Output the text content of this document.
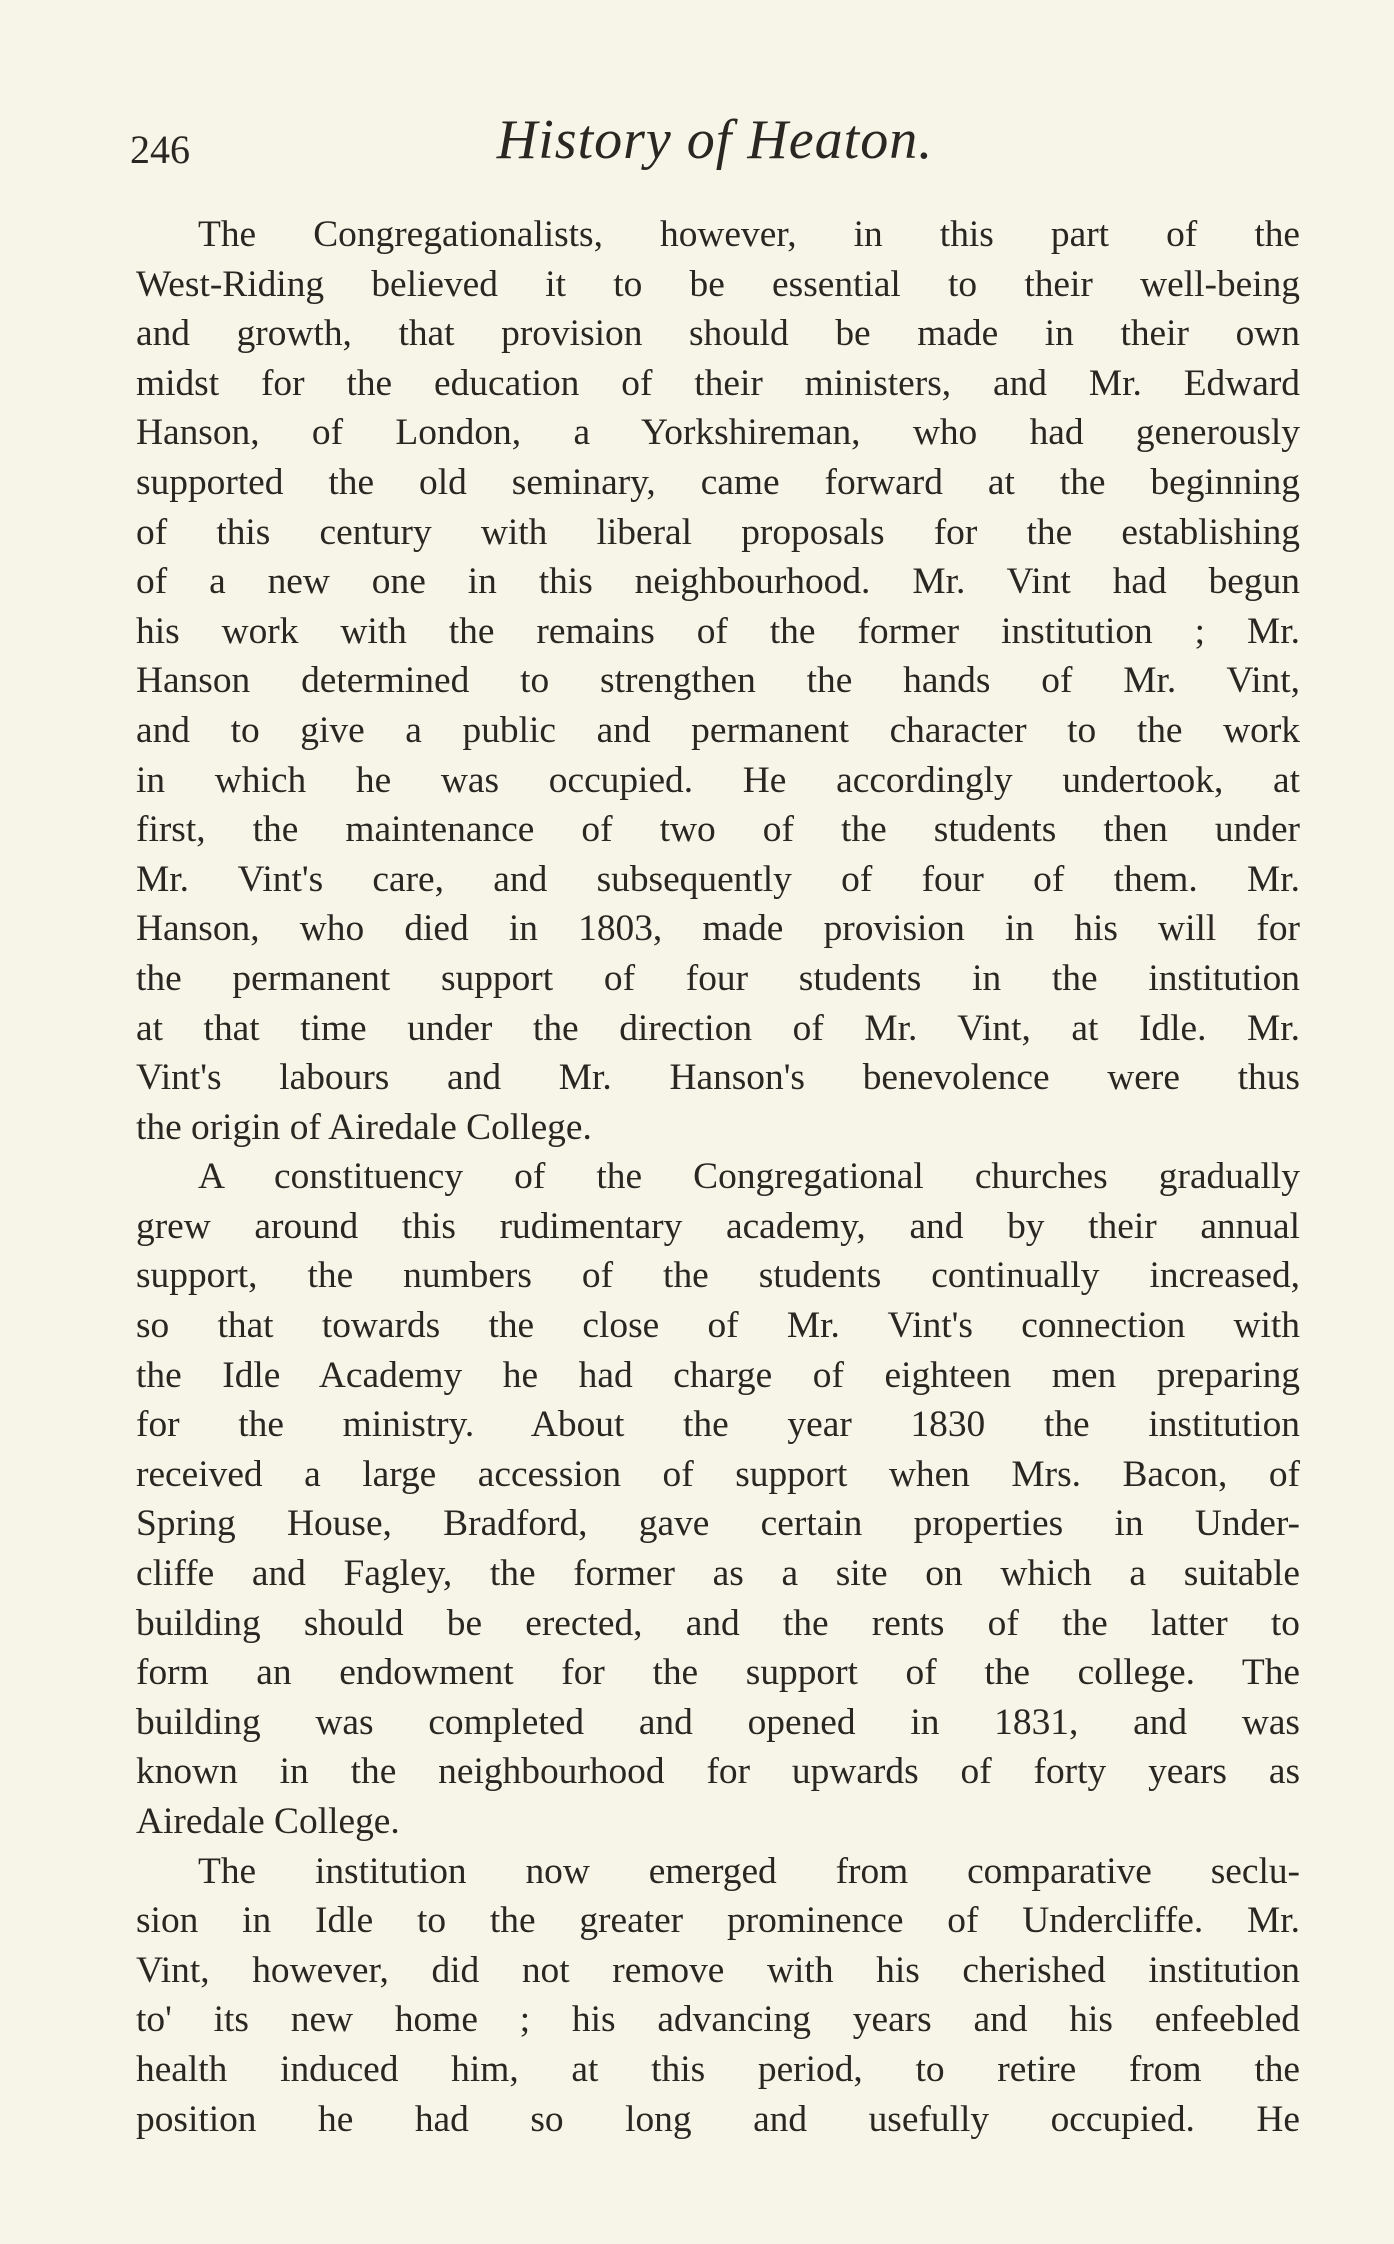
246	History of Heaton.
The Congregationalists, however, in this part of the
West-Riding believed it to be essential to their well-being
and growth, that provision should be made in their own
midst for the education of their ministers, and Mr. Edward
Hanson, of London, a Yorkshireman, who had generously
supported the old seminary, came forward at the beginning
of this century with liberal proposals for the establishing
of a new one in this neighbourhood. Mr. Vint had begun
his work with the remains of the former institution ; Mr.
Hanson determined to strengthen the hands of Mr. Vint,
and to give a public and permanent character to the work
in which he was occupied. He accordingly undertook, at
first, the maintenance of two of the students then under
Mr. Vint's care, and subsequently of four of them. Mr.
Hanson, who died in 1803, made provision in his will for
the permanent support of four students in the institution
at that time under the direction of Mr. Vint, at Idle. Mr.
Vint's labours and Mr. Hanson's benevolence were thus
the origin of Airedale College.
A constituency of the Congregational churches gradually
grew around this rudimentary academy, and by their annual
support, the numbers of the students continually increased,
so that towards the close of Mr. Vint's connection with
the Idle Academy he had charge of eighteen men preparing
for the ministry. About the year 1830 the institution
received a large accession of support when Mrs. Bacon, of
Spring House, Bradford, gave certain properties in Under-
cliffe and Fagley, the former as a site on which a suitable
building should be erected, and the rents of the latter to
form an endowment for the support of the college. The
building was completed and opened in 1831, and was
known in the neighbourhood for upwards of forty years as
Airedale College.
The institution now emerged from comparative seclu-
sion in Idle to the greater prominence of Undercliffe. Mr.
Vint, however, did not remove with his cherished institution
to' its new home ; his advancing years and his enfeebled
health induced him, at this period, to retire from the
position he had so long and usefully occupied. He
